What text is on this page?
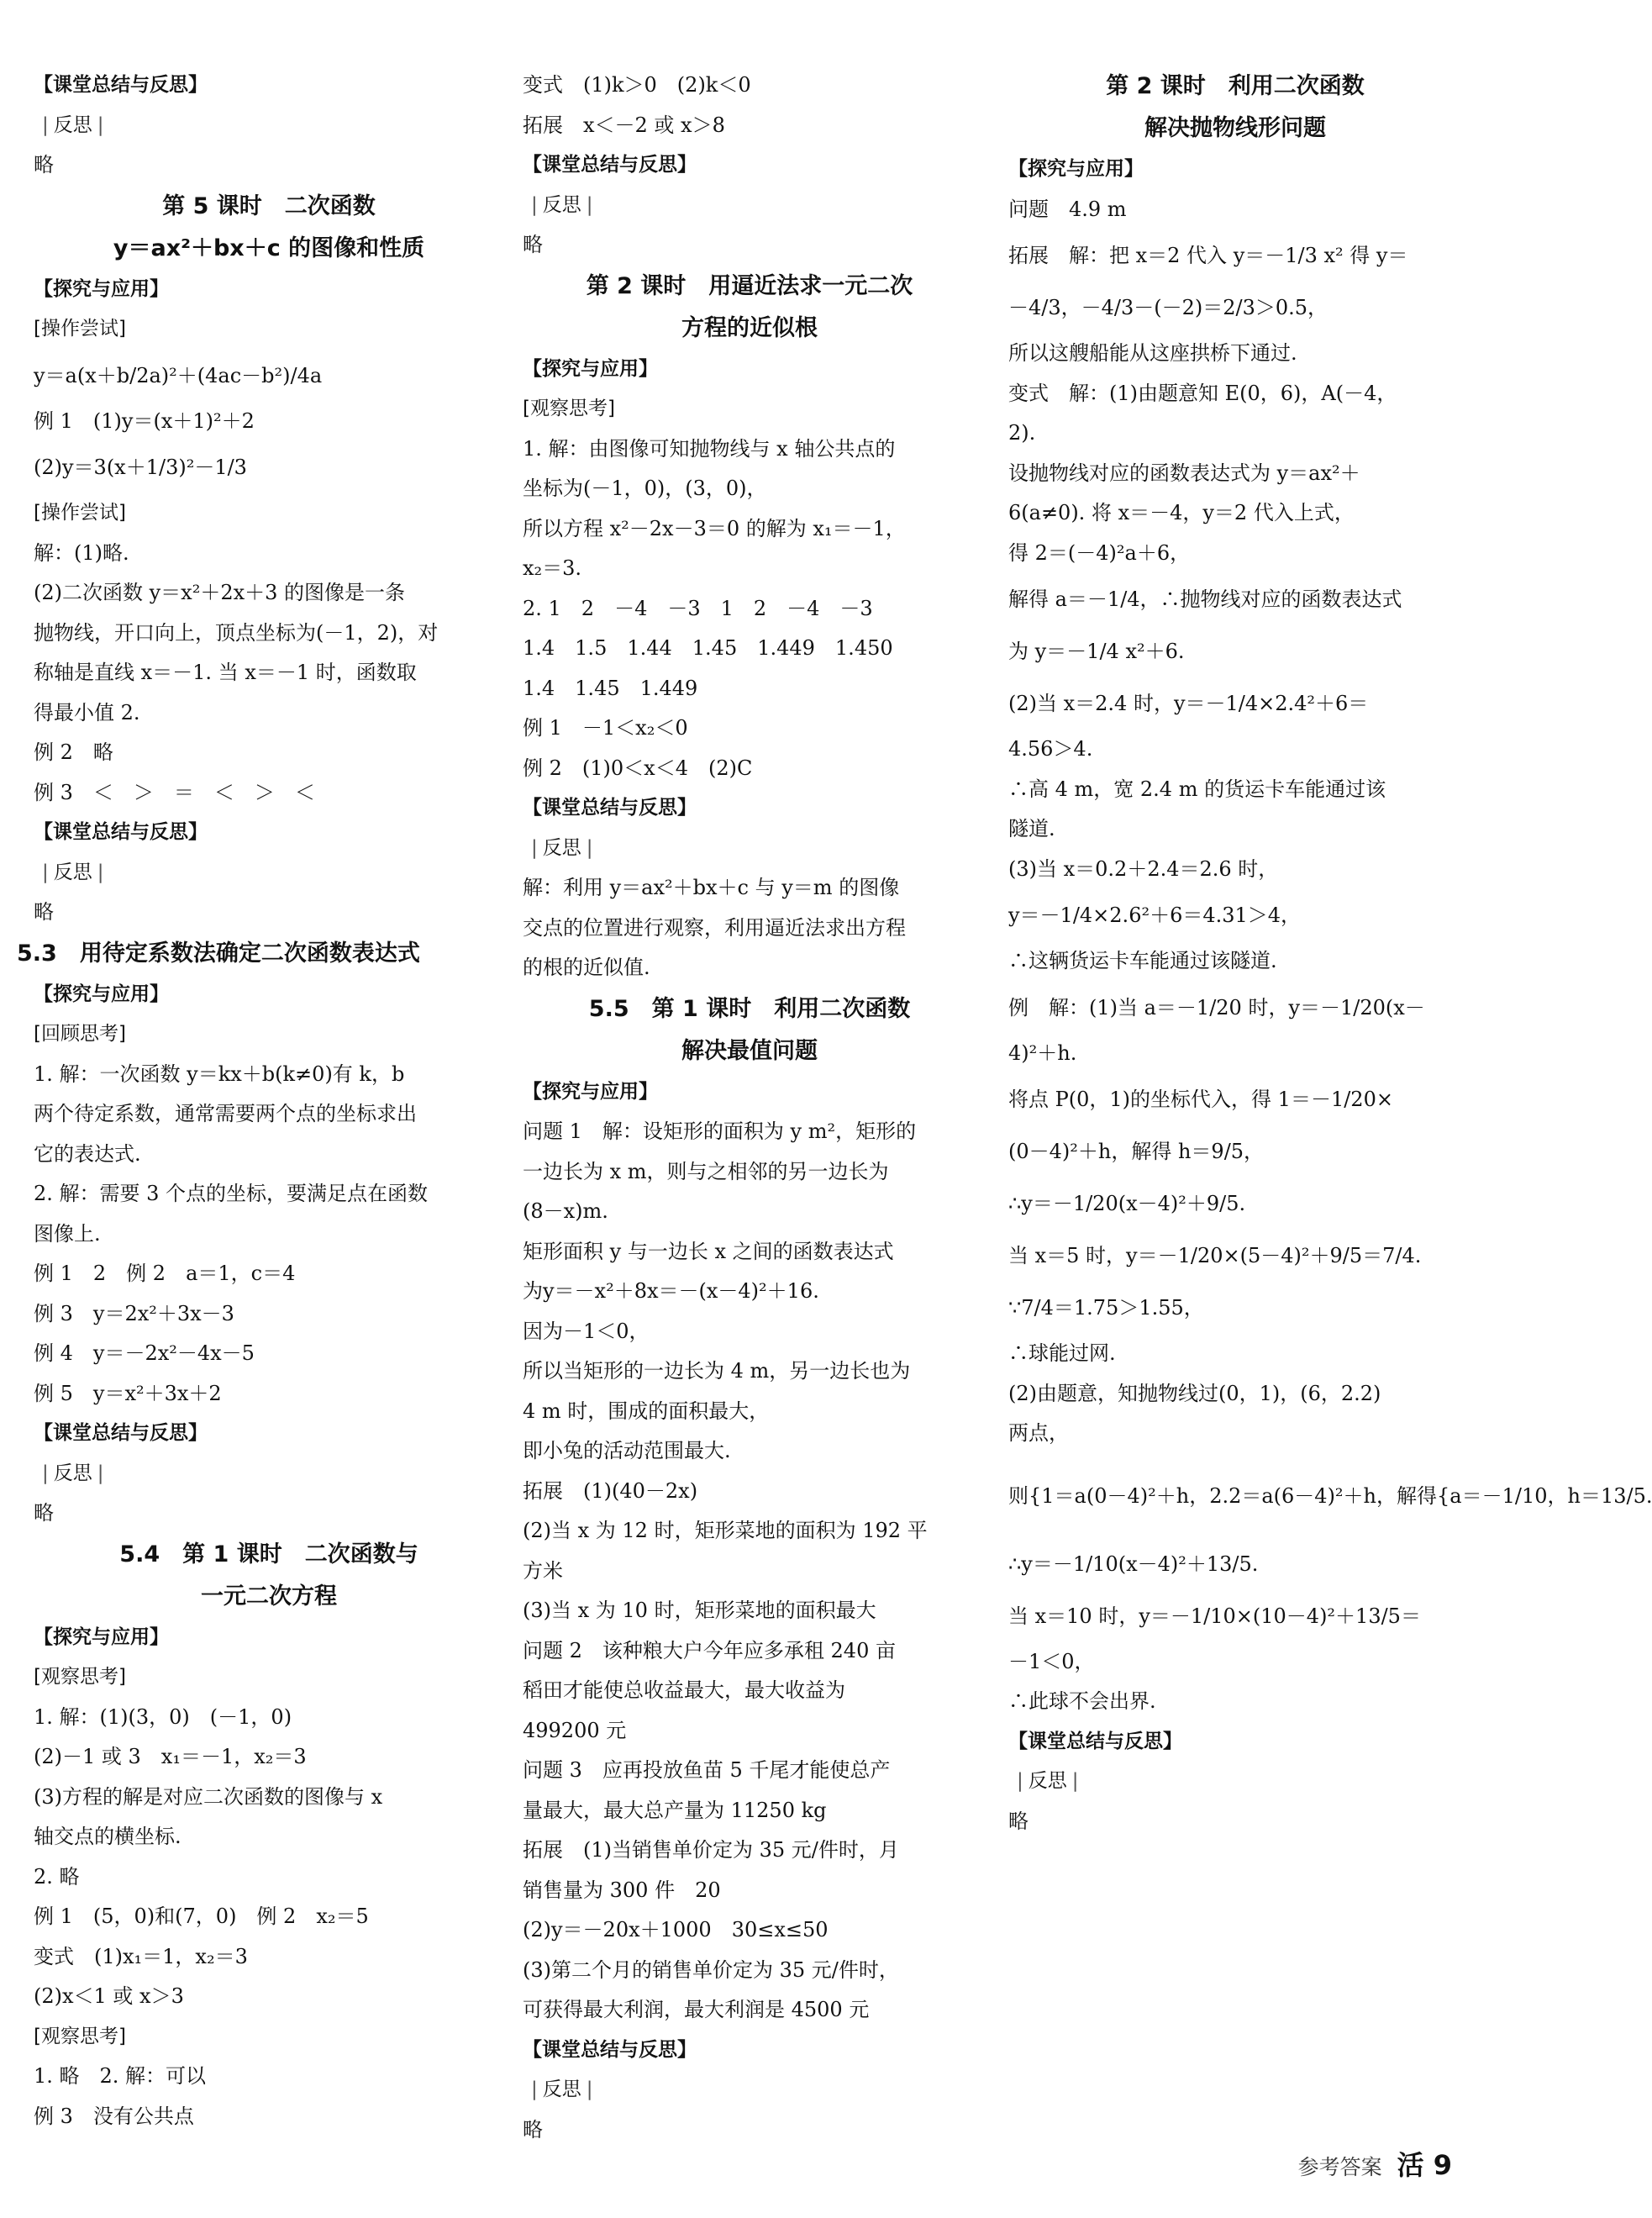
【课堂总结与反思】
| 反思 |
略
第 5 课时　二次函数
y＝ax²＋bx＋c 的图像和性质
【探究与应用】
[操作尝试]
y＝a(x＋b/2a)²＋(4ac－b²)/4a
例 1　(1)y＝(x＋1)²＋2
(2)y＝3(x＋1/3)²－1/3
[操作尝试]
解：(1)略.
(2)二次函数 y＝x²＋2x＋3 的图像是一条
抛物线，开口向上，顶点坐标为(－1，2)，对
称轴是直线 x＝－1. 当 x＝－1 时，函数取
得最小值 2.
例 2　略
例 3　＜　＞　＝　＜　＞　＜
【课堂总结与反思】
| 反思 |
略
5.3　用待定系数法确定二次函数表达式
【探究与应用】
[回顾思考]
1. 解：一次函数 y＝kx＋b(k≠0)有 k，b
两个待定系数，通常需要两个点的坐标求出
它的表达式.
2. 解：需要 3 个点的坐标，要满足点在函数
图像上.
例 1　2　例 2　a＝1，c＝4
例 3　y＝2x²＋3x－3
例 4　y＝－2x²－4x－5
例 5　y＝x²＋3x＋2
【课堂总结与反思】
| 反思 |
略
5.4　第 1 课时　二次函数与
一元二次方程
【探究与应用】
[观察思考]
1. 解：(1)(3，0)　(－1，0)
(2)－1 或 3　x₁＝－1，x₂＝3
(3)方程的解是对应二次函数的图像与 x
轴交点的横坐标.
2. 略
例 1　(5，0)和(7，0)　例 2　x₂＝5
变式　(1)x₁＝1，x₂＝3
(2)x＜1 或 x＞3
[观察思考]
1. 略　2. 解：可以
例 3　没有公共点
变式　(1)k＞0　(2)k＜0
拓展　x＜－2 或 x＞8
【课堂总结与反思】
| 反思 |
略
第 2 课时　用逼近法求一元二次
方程的近似根
【探究与应用】
[观察思考]
1. 解：由图像可知抛物线与 x 轴公共点的
坐标为(－1，0)，(3，0)，
所以方程 x²－2x－3＝0 的解为 x₁＝－1，
x₂＝3.
2. 1　2　－4　－3　1　2　－4　－3
1.4　1.5　1.44　1.45　1.449　1.450
1.4　1.45　1.449
例 1　－1＜x₂＜0
例 2　(1)0＜x＜4　(2)C
【课堂总结与反思】
| 反思 |
解：利用 y＝ax²＋bx＋c 与 y＝m 的图像
交点的位置进行观察，利用逼近法求出方程
的根的近似值.
5.5　第 1 课时　利用二次函数
解决最值问题
【探究与应用】
问题 1　解：设矩形的面积为 y m²，矩形的
一边长为 x m，则与之相邻的另一边长为
(8－x)m.
矩形面积 y 与一边长 x 之间的函数表达式
为y＝－x²＋8x＝－(x－4)²＋16.
因为－1＜0，
所以当矩形的一边长为 4 m，另一边长也为
4 m 时，围成的面积最大，
即小兔的活动范围最大.
拓展　(1)(40－2x)
(2)当 x 为 12 时，矩形菜地的面积为 192 平
方米
(3)当 x 为 10 时，矩形菜地的面积最大
问题 2　该种粮大户今年应多承租 240 亩
稻田才能使总收益最大，最大收益为
499200 元
问题 3　应再投放鱼苗 5 千尾才能使总产
量最大，最大总产量为 11250 kg
拓展　(1)当销售单价定为 35 元/件时，月
销售量为 300 件　20
(2)y＝－20x＋1000　30≤x≤50
(3)第二个月的销售单价定为 35 元/件时，
可获得最大利润，最大利润是 4500 元
【课堂总结与反思】
| 反思 |
略
第 2 课时　利用二次函数
解决抛物线形问题
【探究与应用】
问题　4.9 m
拓展　解：把 x＝2 代入 y＝－1/3 x² 得 y＝
－4/3，－4/3－(－2)＝2/3＞0.5，
所以这艘船能从这座拱桥下通过.
变式　解：(1)由题意知 E(0，6)，A(－4，
2).
设抛物线对应的函数表达式为 y＝ax²＋
6(a≠0). 将 x＝－4，y＝2 代入上式，
得 2＝(－4)²a＋6，
解得 a＝－1/4，∴抛物线对应的函数表达式
为 y＝－1/4 x²＋6.
(2)当 x＝2.4 时，y＝－1/4×2.4²＋6＝
4.56＞4.
∴高 4 m，宽 2.4 m 的货运卡车能通过该
隧道.
(3)当 x＝0.2＋2.4＝2.6 时，
y＝－1/4×2.6²＋6＝4.31＞4，
∴这辆货运卡车能通过该隧道.
例　解：(1)当 a＝－1/20 时，y＝－1/20(x－
4)²＋h.
将点 P(0，1)的坐标代入，得 1＝－1/20×
(0－4)²＋h，解得 h＝9/5，
∴y＝－1/20(x－4)²＋9/5.
当 x＝5 时，y＝－1/20×(5－4)²＋9/5＝7/4.
∵7/4＝1.75＞1.55，
∴球能过网.
(2)由题意，知抛物线过(0，1)，(6，2.2)
两点，
则{1＝a(0－4)²＋h，2.2＝a(6－4)²＋h，解得{a＝－1/10，h＝13/5.
∴y＝－1/10(x－4)²＋13/5.
当 x＝10 时，y＝－1/10×(10－4)²＋13/5＝
－1＜0，
∴此球不会出界.
【课堂总结与反思】
| 反思 |
略
参考答案 活 9
